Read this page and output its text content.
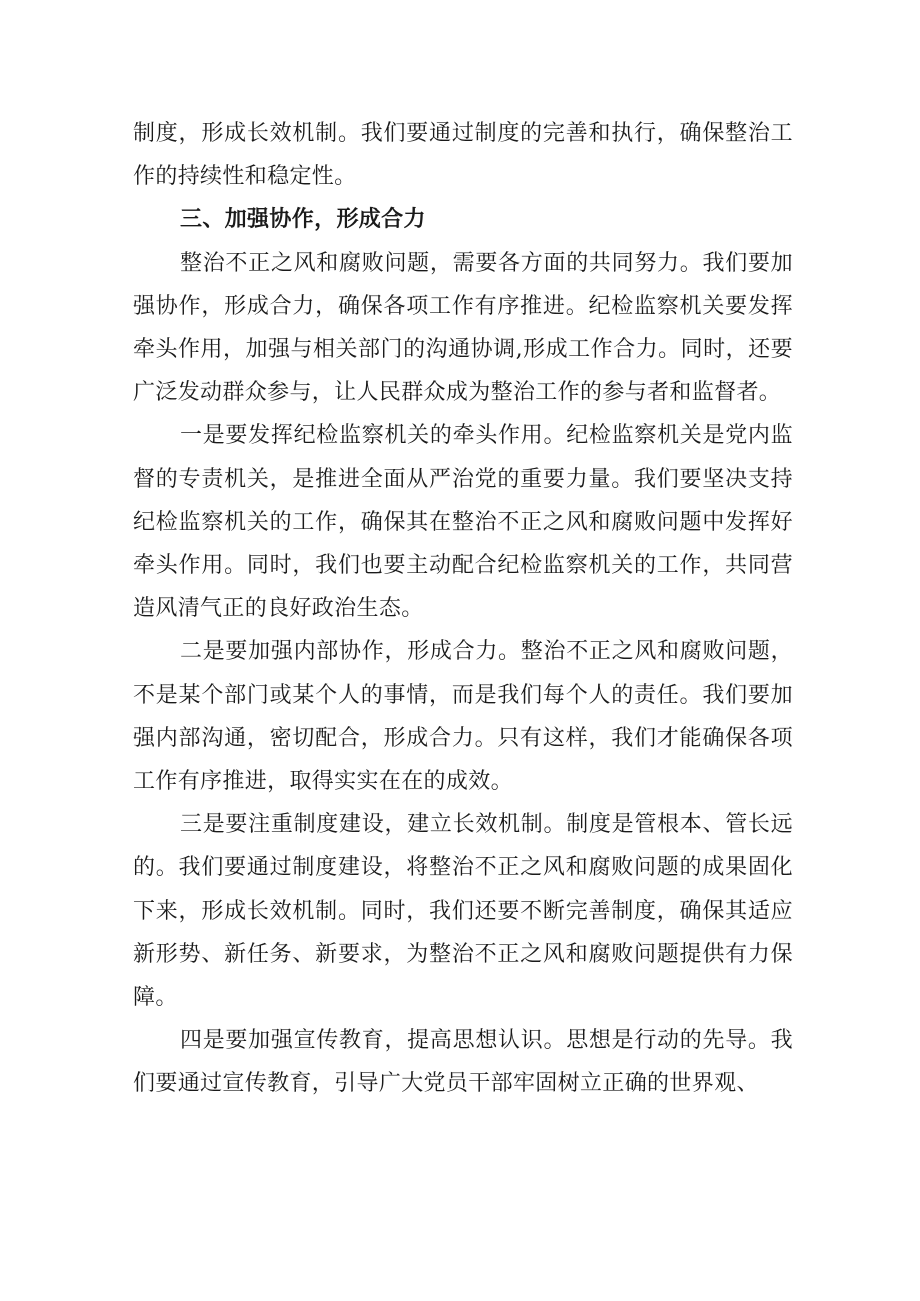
制度，形成长效机制。我们要通过制度的完善和执行，确保整治工作的持续性和稳定性。

三、加强协作，形成合力

整治不正之风和腐败问题，需要各方面的共同努力。我们要加强协作，形成合力，确保各项工作有序推进。纪检监察机关要发挥牵头作用，加强与相关部门的沟通协调,形成工作合力。同时，还要广泛发动群众参与，让人民群众成为整治工作的参与者和监督者。

一是要发挥纪检监察机关的牵头作用。纪检监察机关是党内监督的专责机关，是推进全面从严治党的重要力量。我们要坚决支持纪检监察机关的工作，确保其在整治不正之风和腐败问题中发挥好牵头作用。同时，我们也要主动配合纪检监察机关的工作，共同营造风清气正的良好政治生态。

二是要加强内部协作，形成合力。整治不正之风和腐败问题，不是某个部门或某个人的事情，而是我们每个人的责任。我们要加强内部沟通，密切配合，形成合力。只有这样，我们才能确保各项工作有序推进，取得实实在在的成效。

三是要注重制度建设，建立长效机制。制度是管根本、管长远的。我们要通过制度建设，将整治不正之风和腐败问题的成果固化下来，形成长效机制。同时，我们还要不断完善制度，确保其适应新形势、新任务、新要求，为整治不正之风和腐败问题提供有力保障。

四是要加强宣传教育，提高思想认识。思想是行动的先导。我们要通过宣传教育，引导广大党员干部牢固树立正确的世界观、
